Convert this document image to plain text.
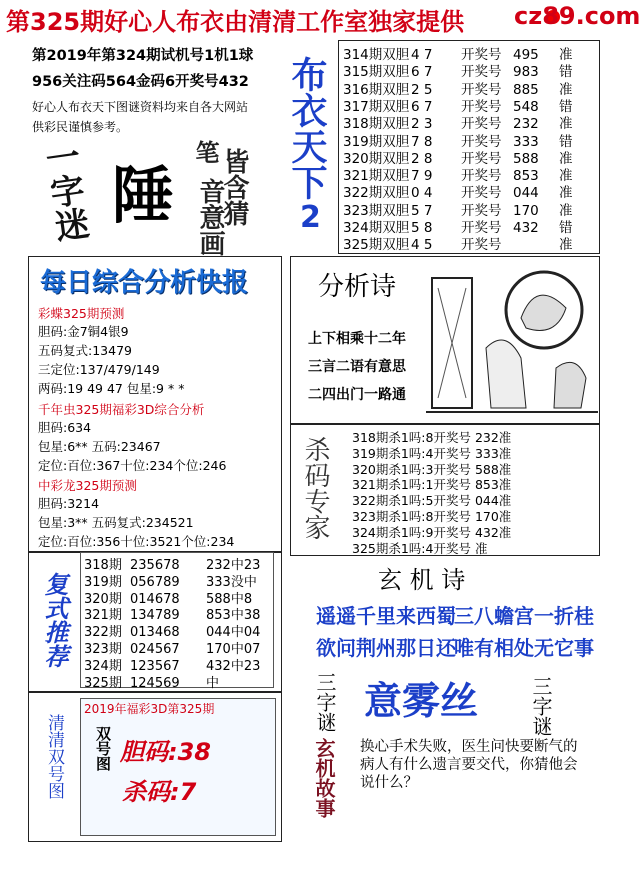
第325期好心人布衣由清清工作室独家提供 cz89.com
第2019年第324期试机号1机1球
956关注码564金码6开奖号432
好心人布衣天下图谜资料均来自各大网站
供彩民谨慎参考。	布衣天下
2
一字迷 陲 皆含猜
笔
音意画
314期双胆 4 7 开奖号 495 准
315期双胆 6 7 开奖号 983 错
316期双胆 2 5 开奖号 885 准
317期双胆 6 7 开奖号 548 错
318期双胆 2 3 开奖号 232 准
319期双胆 7 8 开奖号 333 错
320期双胆 2 8 开奖号 588 准
321期双胆 7 9 开奖号 853 准
322期双胆 0 4 开奖号 044 准
323期双胆 5 7 开奖号 170 准
324期双胆 5 8 开奖号 432 错
325期双胆 4 5 开奖号	准
每日综合分析快报
彩蝶325期预测
胆码:金7铜4银9
五码复式:13479
三定位:137/479/149
两码:19 49 47 包星:9 * *
千年虫325期福彩3D综合分析
胆码:634
包星:6** 五码:23467
定位:百位:367十位:234个位:246
中彩龙325期预测
胆码:3214
包星:3** 五码复式:234521
定位:百位:356十位:3521个位:234
分析诗
上下相乘十二年
三言二语有意思
二四出门一路通
杀码专家 318期杀1吗:8开奖号 232准
319期杀1吗:4开奖号 333准
320期杀1吗:3开奖号 588准
321期杀1吗:1开奖号 853准
322期杀1吗:5开奖号 044准
323期杀1吗:8开奖号 170准
324期杀1吗:9开奖号 432准
325期杀1吗:4开奖号 准
复式推荐
318期 235678 232中23
319期 056789 333没中
320期 014678 588中8
321期 134789 853中38
322期 013468 044中04
323期 024567 170中07
324期 123567 432中23
325期 124569 中
玄 机 诗
遥遥千里来西蜀
三八蟾宫一折桂
欲问荆州那日还
唯有相处无它事
清清双号图
2019年福彩3D第325期
双号图 胆码:38
杀码:7
三字谜	三字谜
意雾丝
玄机故事 换心手术失败，医生问快要断气的病人有什么遗言要交代，你猜他会说什么？
